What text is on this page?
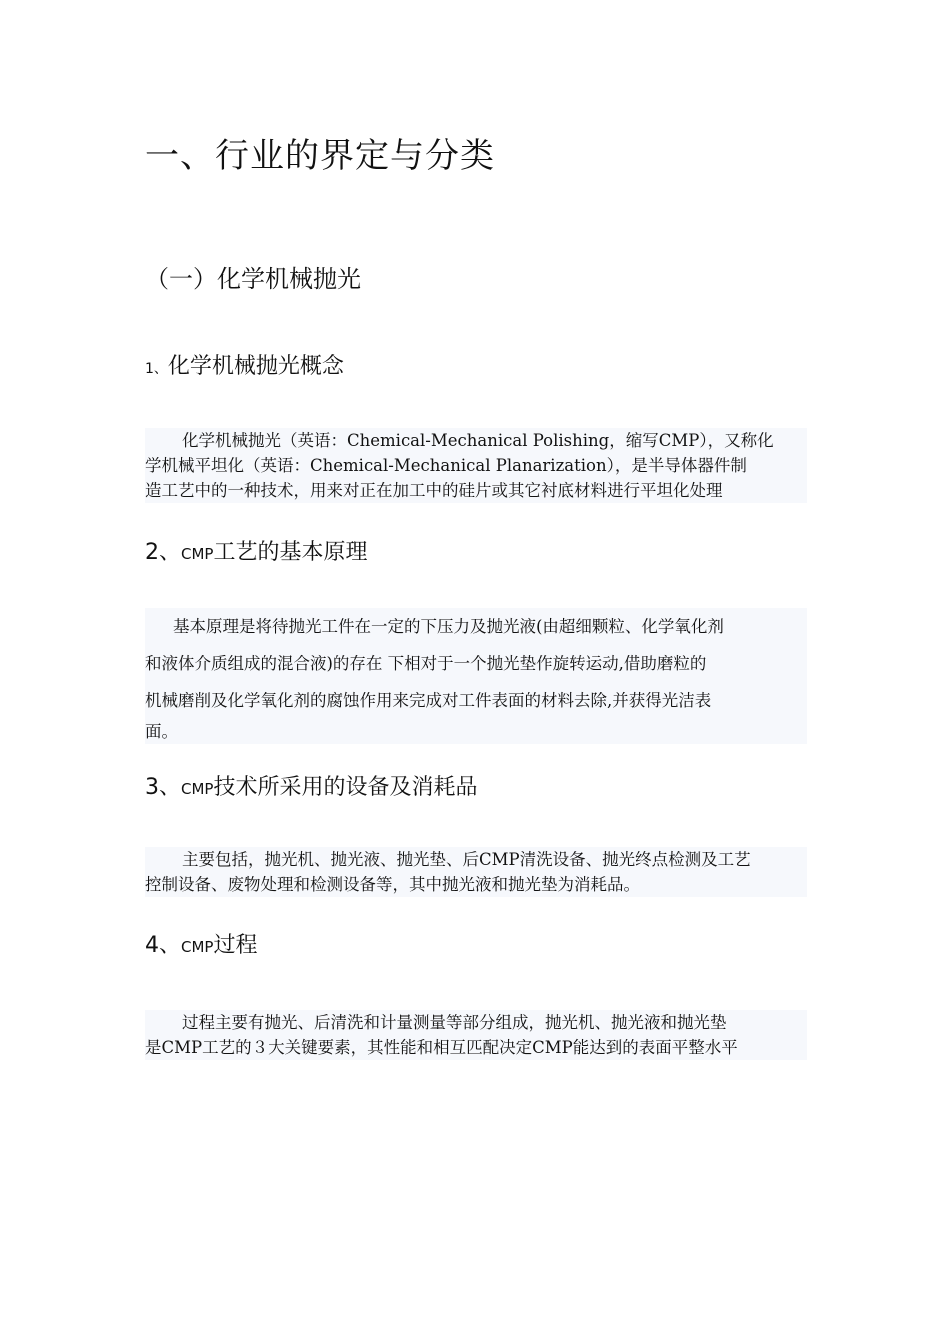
一、行业的界定与分类
（一）化学机械抛光
1、化学机械抛光概念
化学机械抛光（英语：Chemical-Mechanical Polishing，缩写CMP），又称化
学机械平坦化（英语：Chemical-Mechanical Planarization），是半导体器件制
造工艺中的一种技术，用来对正在加工中的硅片或其它衬底材料进行平坦化处理
2、CMP工艺的基本原理
基本原理是将待抛光工件在一定的下压力及抛光液(由超细颗粒、化学氧化剂
和液体介质组成的混合液)的存在 下相对于一个抛光垫作旋转运动,借助磨粒的
机械磨削及化学氧化剂的腐蚀作用来完成对工件表面的材料去除,并获得光洁表
面。
3、CMP技术所采用的设备及消耗品
主要包括，抛光机、抛光液、抛光垫、后CMP清洗设备、抛光终点检测及工艺
控制设备、废物处理和检测设备等，其中抛光液和抛光垫为消耗品。
4、CMP过程
过程主要有抛光、后清洗和计量测量等部分组成，抛光机、抛光液和抛光垫
是CMP工艺的３大关键要素，其性能和相互匹配决定CMP能达到的表面平整水平
